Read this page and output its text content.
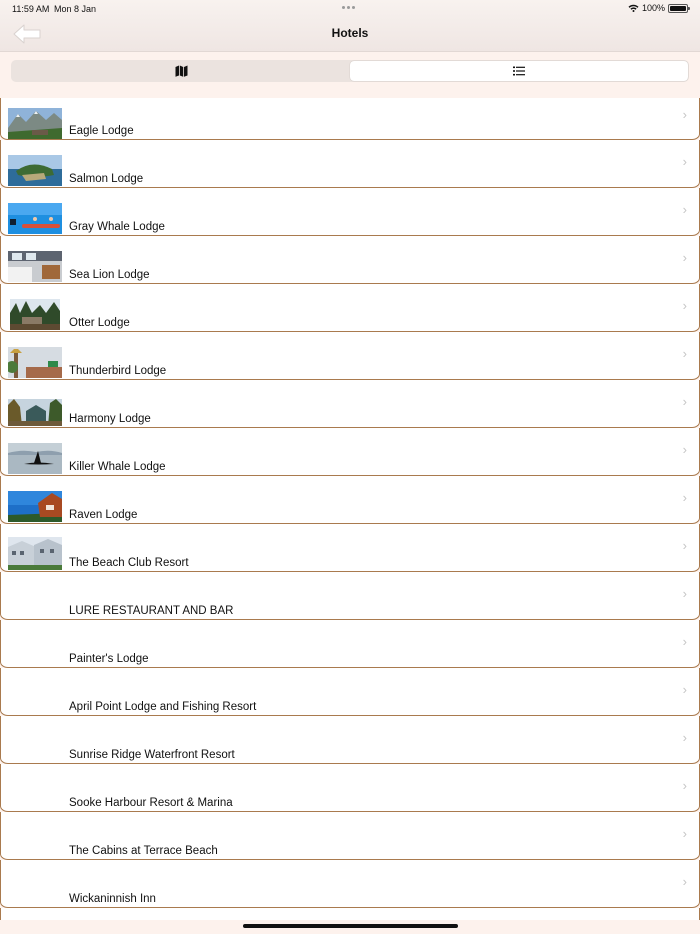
11:59 AM Mon 8 Jan	100%
Hotels
Eagle Lodge
›
Salmon Lodge
›
Gray Whale Lodge
›
Sea Lion Lodge
›
Otter Lodge
›
Thunderbird Lodge
›
Harmony Lodge
›
Killer Whale Lodge
›
Raven Lodge
›
The Beach Club Resort
›
LURE RESTAURANT AND BAR
›
Painter's Lodge
›
April Point Lodge and Fishing Resort
›
Sunrise Ridge Waterfront Resort
›
Sooke Harbour Resort & Marina
›
The Cabins at Terrace Beach
›
Wickaninnish Inn
›
